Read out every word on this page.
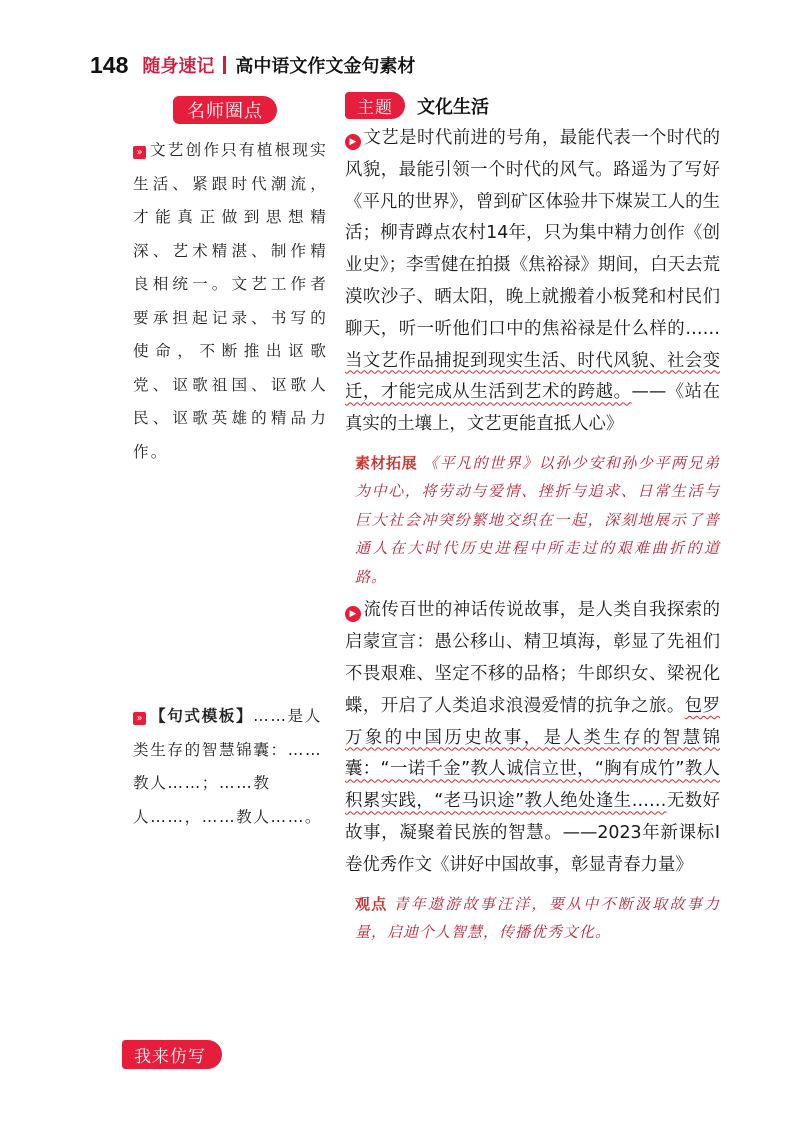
148 随身速记 高中语文作文金句素材
名师圈点
» 文艺创作只有植根现实生活、紧跟时代潮流，才能真正做到思想精深、艺术精湛、制作精良相统一。文艺工作者要承担起记录、书写的使命，不断推出讴歌党、讴歌祖国、讴歌人民、讴歌英雄的精品力作。
» 【句式模板】……是人类生存的智慧锦囊：……教人……；……教人……，……教人……。
主题	文化生活
▶ 文艺是时代前进的号角，最能代表一个时代的风貌，最能引领一个时代的风气。路遥为了写好《平凡的世界》，曾到矿区体验井下煤炭工人的生活；柳青蹲点农村14年，只为集中精力创作《创业史》；李雪健在拍摄《焦裕禄》期间，白天去荒漠吹沙子、晒太阳，晚上就搬着小板凳和村民们聊天，听一听他们口中的焦裕禄是什么样的……当文艺作品捕捉到现实生活、时代风貌、社会变迁，才能完成从生活到艺术的跨越。——《站在真实的土壤上，文艺更能直抵人心》
素材拓展 《平凡的世界》以孙少安和孙少平两兄弟为中心，将劳动与爱情、挫折与追求、日常生活与巨大社会冲突纷繁地交织在一起，深刻地展示了普通人在大时代历史进程中所走过的艰难曲折的道路。
▶ 流传百世的神话传说故事，是人类自我探索的启蒙宣言：愚公移山、精卫填海，彰显了先祖们不畏艰难、坚定不移的品格；牛郎织女、梁祝化蝶，开启了人类追求浪漫爱情的抗争之旅。包罗万象的中国历史故事，是人类生存的智慧锦囊：“一诺千金”教人诚信立世，“胸有成竹”教人积累实践，“老马识途”教人绝处逢生……无数好故事，凝聚着民族的智慧。——2023年新课标Ⅰ卷优秀作文《讲好中国故事，彰显青春力量》
观点 青年遨游故事汪洋，要从中不断汲取故事力量，启迪个人智慧，传播优秀文化。
我来仿写
